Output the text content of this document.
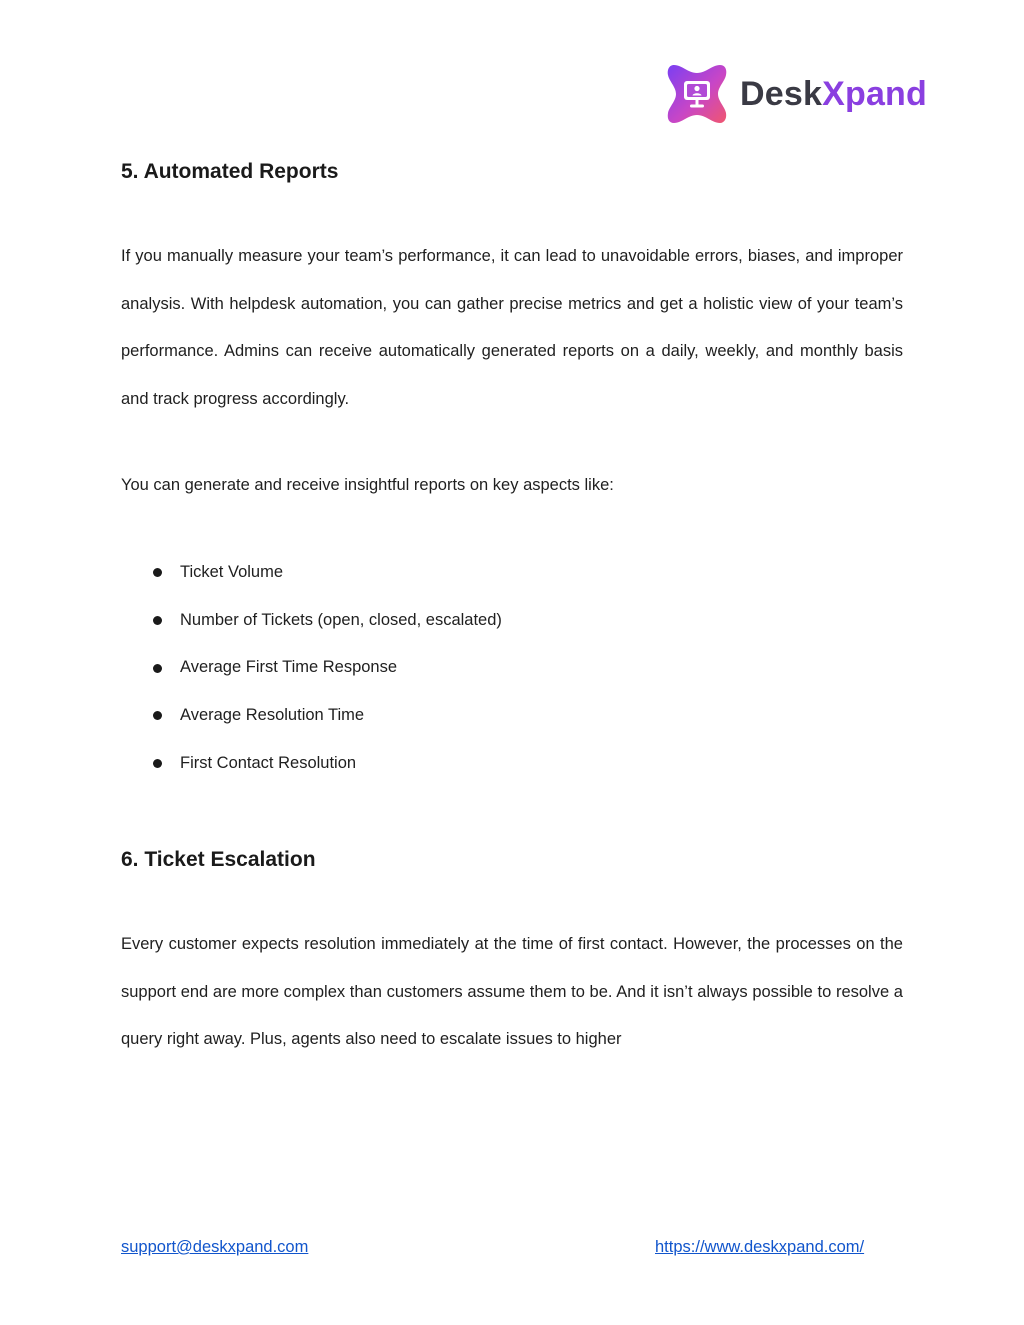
DeskXpand
5. Automated Reports

If you manually measure your team’s performance, it can lead to unavoidable errors, biases, and improper analysis. With helpdesk automation, you can gather precise metrics and get a holistic view of your team’s performance. Admins can receive automatically generated reports on a daily, weekly, and monthly basis and track progress accordingly.

You can generate and receive insightful reports on key aspects like:

Ticket Volume
Number of Tickets (open, closed, escalated)
Average First Time Response
Average Resolution Time
First Contact Resolution
6. Ticket Escalation

Every customer expects resolution immediately at the time of first contact. However, the processes on the support end are more complex than customers assume them to be. And it isn’t always possible to resolve a query right away. Plus, agents also need to escalate issues to higher

support@deskxpand.com	https://www.deskxpand.com/
